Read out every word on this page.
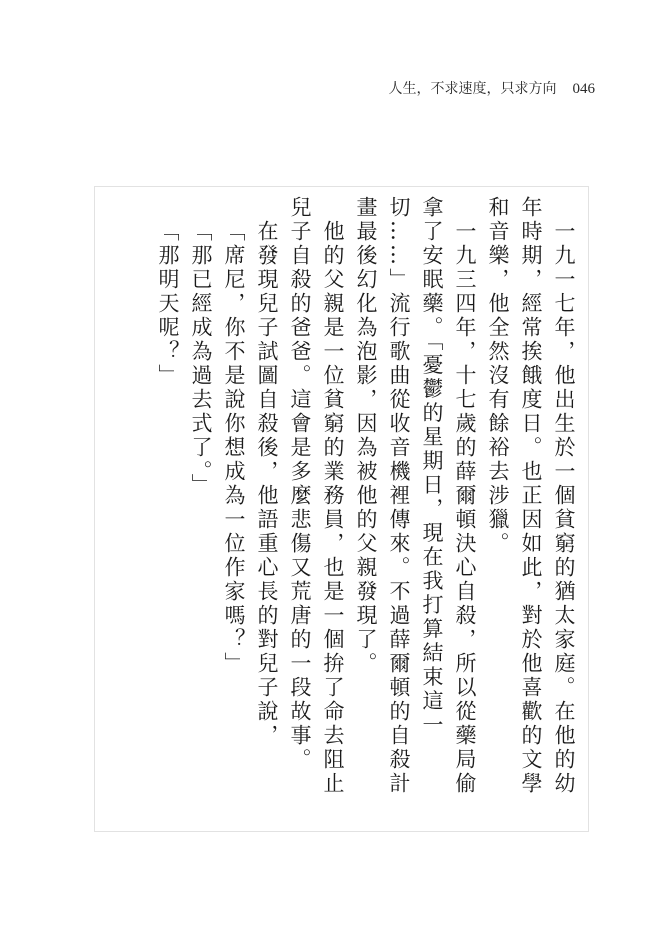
人生，不求速度，只求方向 046

一九一七年，他出生於一個貧窮的猶太家庭。在他的幼年時期，經常挨餓度日。也正因如此，對於他喜歡的文學和音樂，他全然沒有餘裕去涉獵。

一九三四年，十七歲的薛爾頓決心自殺，所以從藥局偷拿了安眠藥。「憂鬱的星期日，現在我打算結束這一切……」流行歌曲從收音機裡傳來。不過薛爾頓的自殺計畫最後幻化為泡影，因為被他的父親發現了。

他的父親是一位貧窮的業務員，也是一個拚了命去阻止兒子自殺的爸爸。這會是多麼悲傷又荒唐的一段故事。

在發現兒子試圖自殺後，他語重心長的對兒子說，

「席尼，你不是說你想成為一位作家嗎？」

「那已經成為過去式了。」

「那明天呢？」
